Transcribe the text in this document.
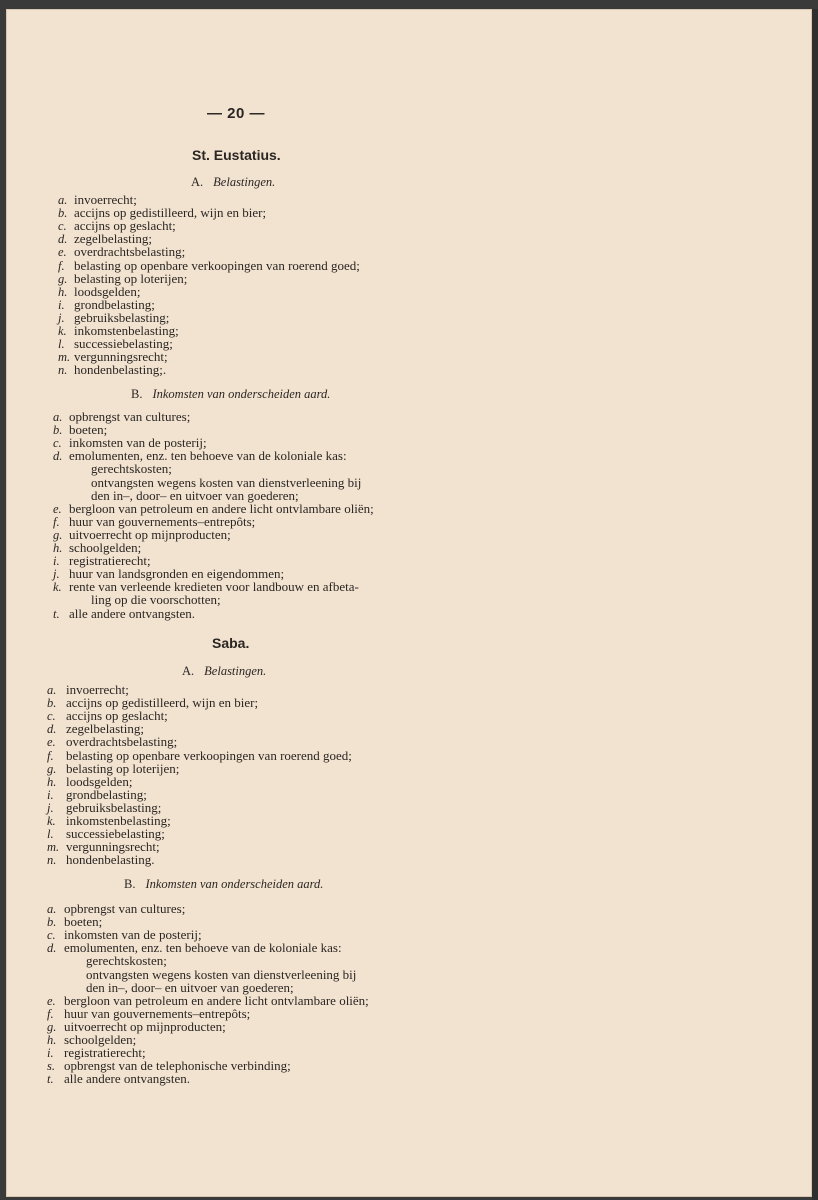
— 20 —
St. Eustatius.
A. Belastingen.
a. invoerrecht;
b. accijns op gedistilleerd, wijn en bier;
c. accijns op geslacht;
d. zegelbelasting;
e. overdrachtsbelasting;
f. belasting op openbare verkoopingen van roerend goed;
g. belasting op loterijen;
h. loodsgelden;
i. grondbelasting;
j. gebruiksbelasting;
k. inkomstenbelasting;
l. successiebelasting;
m. vergunningsrecht;
n. hondenbelasting;.
B. Inkomsten van onderscheiden aard.
a. opbrengst van cultures;
b. boeten;
c. inkomsten van de posterij;
d. emolumenten, enz. ten behoeve van de koloniale kas:
gerechtskosten;
ontvangsten wegens kosten van dienstverleening bij
den in–, door– en uitvoer van goederen;
e. bergloon van petroleum en andere licht ontvlambare oliën;
f. huur van gouvernements–entrepôts;
g. uitvoerrecht op mijnproducten;
h. schoolgelden;
i. registratierecht;
j. huur van landsgronden en eigendommen;
k. rente van verleende kredieten voor landbouw en afbeta-
ling op die voorschotten;
t. alle andere ontvangsten.
Saba.
A. Belastingen.
a. invoerrecht;
b. accijns op gedistilleerd, wijn en bier;
c. accijns op geslacht;
d. zegelbelasting;
e. overdrachtsbelasting;
f. belasting op openbare verkoopingen van roerend goed;
g. belasting op loterijen;
h. loodsgelden;
i. grondbelasting;
j. gebruiksbelasting;
k. inkomstenbelasting;
l. successiebelasting;
m. vergunningsrecht;
n. hondenbelasting.
B. Inkomsten van onderscheiden aard.
a. opbrengst van cultures;
b. boeten;
c. inkomsten van de posterij;
d. emolumenten, enz. ten behoeve van de koloniale kas:
gerechtskosten;
ontvangsten wegens kosten van dienstverleening bij
den in–, door– en uitvoer van goederen;
e. bergloon van petroleum en andere licht ontvlambare oliën;
f. huur van gouvernements–entrepôts;
g. uitvoerrecht op mijnproducten;
h. schoolgelden;
i. registratierecht;
s. opbrengst van de telephonische verbinding;
t. alle andere ontvangsten.
